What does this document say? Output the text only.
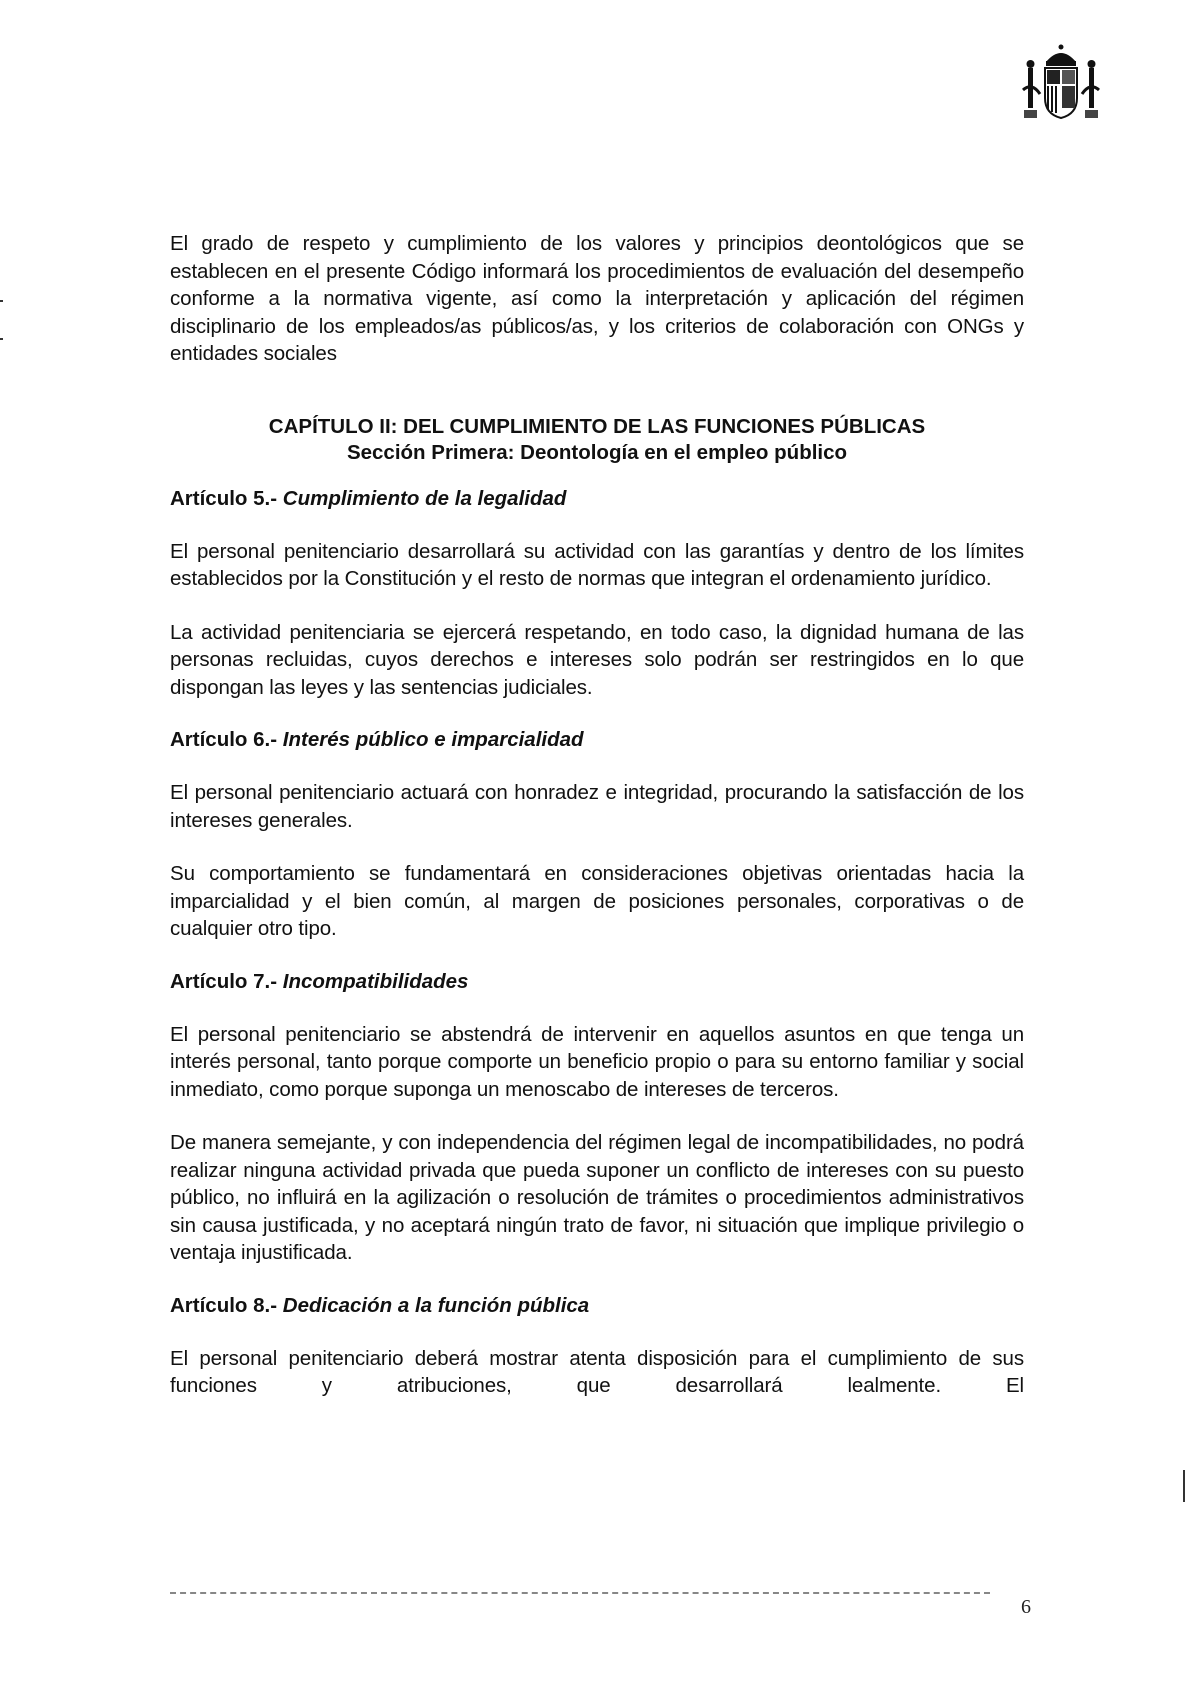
El grado de respeto y cumplimiento de los valores y principios deontológicos que se establecen en el presente Código informará los procedimientos de evaluación del desempeño conforme a la normativa vigente, así como la interpretación y aplicación del régimen disciplinario de los empleados/as públicos/as, y los criterios de colaboración con ONGs y entidades sociales

CAPÍTULO II: DEL CUMPLIMIENTO DE LAS FUNCIONES PÚBLICAS

Sección Primera: Deontología en el empleo público

Artículo 5.- Cumplimiento de la legalidad

El personal penitenciario desarrollará su actividad con las garantías y dentro de los límites establecidos por la Constitución y el resto de normas que integran el ordenamiento jurídico.

La actividad penitenciaria se ejercerá respetando, en todo caso, la dignidad humana de las personas recluidas, cuyos derechos e intereses solo podrán ser restringidos en lo que dispongan las leyes y las sentencias judiciales.

Artículo 6.- Interés público e imparcialidad

El personal penitenciario actuará con honradez e integridad, procurando la satisfacción de los intereses generales.

Su comportamiento se fundamentará en consideraciones objetivas orientadas hacia la imparcialidad y el bien común, al margen de posiciones personales, corporativas o de cualquier otro tipo.

Artículo 7.- Incompatibilidades

El personal penitenciario se abstendrá de intervenir en aquellos asuntos en que tenga un interés personal, tanto porque comporte un beneficio propio o para su entorno familiar y social inmediato, como porque suponga un menoscabo de intereses de terceros.

De manera semejante, y con independencia del régimen legal de incompatibilidades, no podrá realizar ninguna actividad privada que pueda suponer un conflicto de intereses con su puesto público, no influirá en la agilización o resolución de trámites o procedimientos administrativos sin causa justificada, y no aceptará ningún trato de favor, ni situación que implique privilegio o ventaja injustificada.

Artículo 8.- Dedicación a la función pública

El personal penitenciario deberá mostrar atenta disposición para el cumplimiento de sus funciones y atribuciones, que desarrollará lealmente. El

6
